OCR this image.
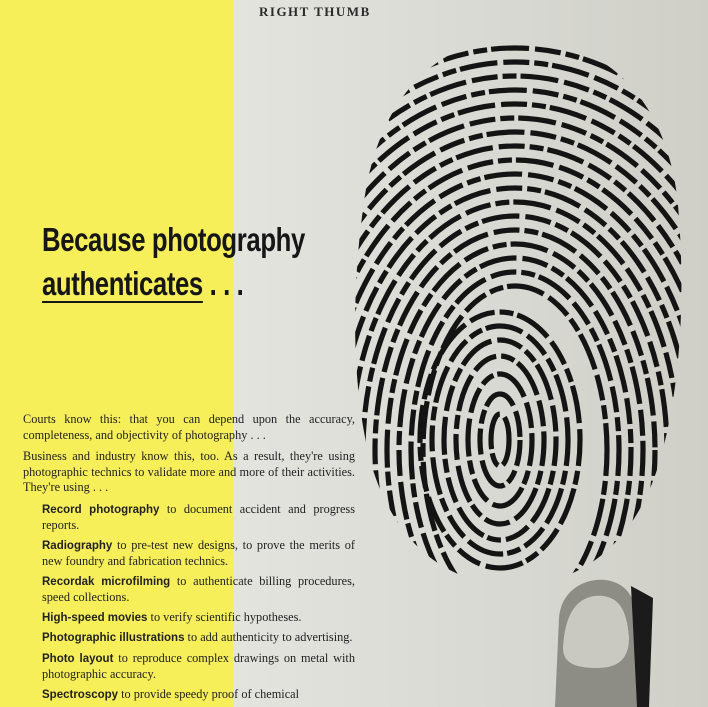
RIGHT THUMB
Because photography
authenticates . . .

Courts know this: that you can depend upon the accuracy, completeness, and objectivity of photography . . .

Business and industry know this, too. As a result, they're using photographic technics to validate more and more of their activities. They're using . . .

Record photography to document accident and progress reports.
Radiography to pre-test new designs, to prove the merits of new foundry and fabrication technics.
Recordak microfilming to authenticate billing procedures, speed collections.
High-speed movies to verify scientific hypotheses.
Photographic illustrations to add authenticity to advertising.
Photo layout to reproduce complex drawings on metal with photographic accuracy.
Spectroscopy to provide speedy proof of chemical
